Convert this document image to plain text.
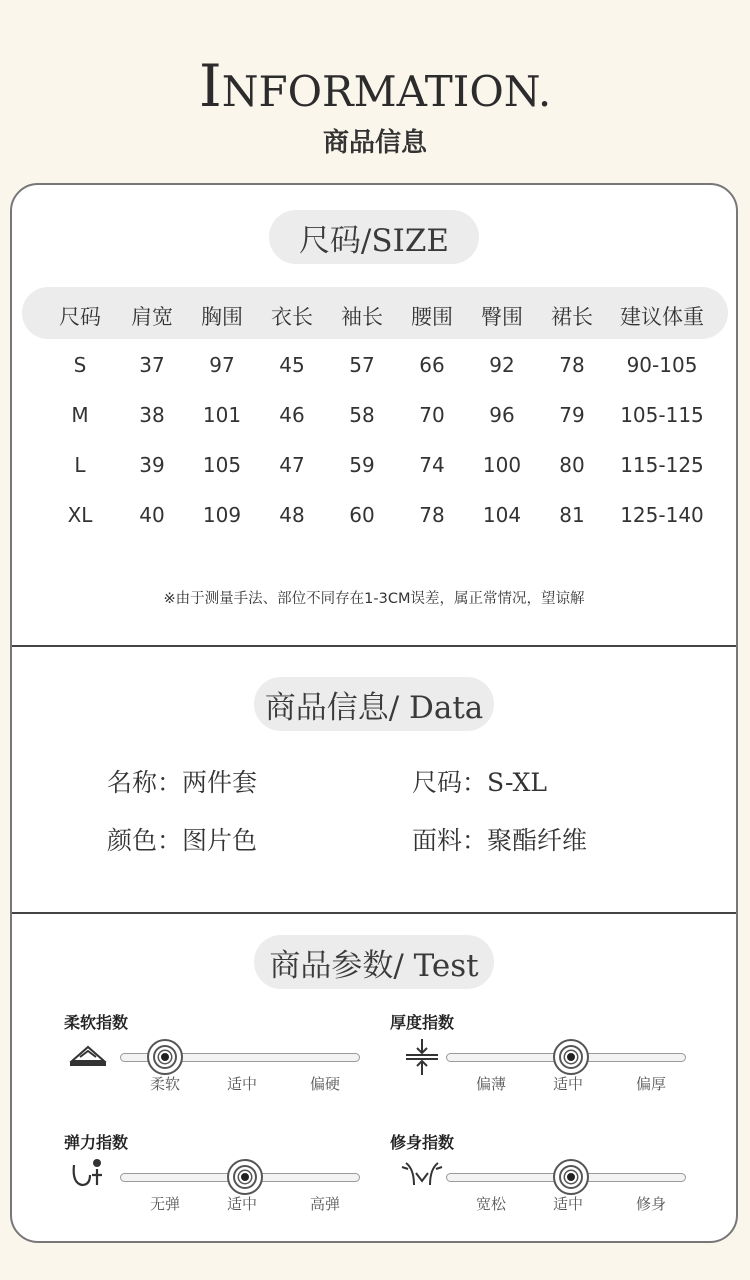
INFORMATION.
商品信息
尺码/SIZE
尺码	肩宽	胸围	衣长	袖长	腰围	臀围	裙长	建议体重
S	37	97	45	57	66	92	78	90-105
M	38	101	46	58	70	96	79	105-115
L	39	105	47	59	74	100	80	115-125
XL	40	109	48	60	78	104	81	125-140
※由于测量手法、部位不同存在1-3CM误差，属正常情况，望谅解
商品信息/ Data
名称：两件套	尺码：S-XL
颜色：图片色	面料：聚酯纤维
商品参数/ Test
柔软指数
柔软	适中	偏硬
厚度指数
偏薄	适中	偏厚
弹力指数
无弹	适中	高弹
修身指数
宽松	适中	修身
